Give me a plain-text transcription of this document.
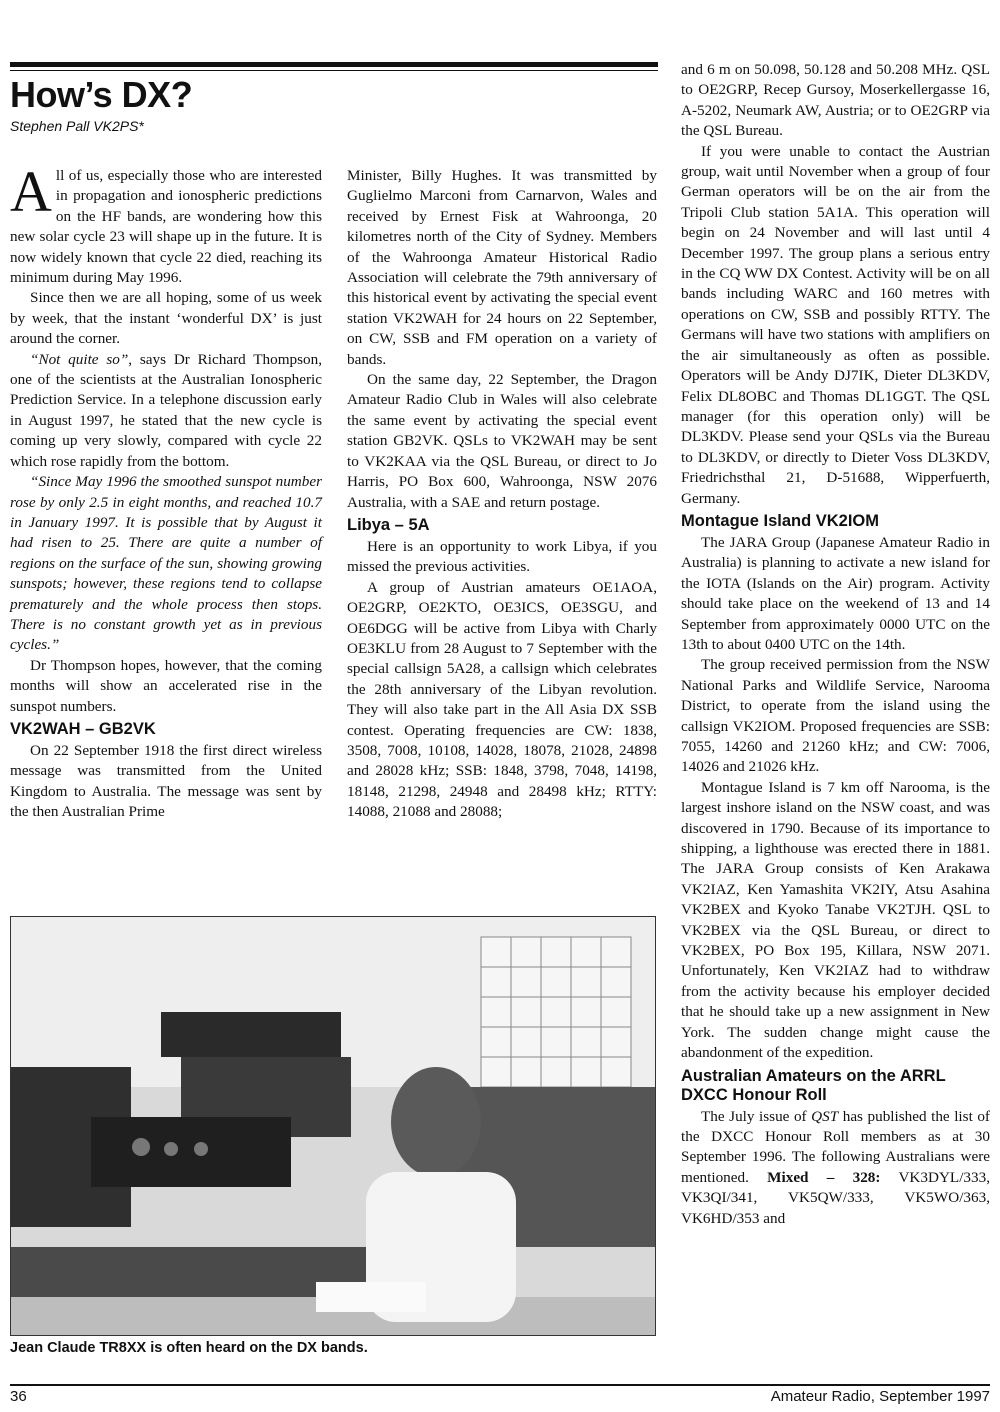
How’s DX?
Stephen Pall VK2PS*

All of us, especially those who are interested in propagation and ionospheric predictions on the HF bands, are wondering how this new solar cycle 23 will shape up in the future. It is now widely known that cycle 22 died, reaching its minimum during May 1996.

Since then we are all hoping, some of us week by week, that the instant ‘wonderful DX’ is just around the corner.

“Not quite so”, says Dr Richard Thompson, one of the scientists at the Australian Ionospheric Prediction Service. In a telephone discussion early in August 1997, he stated that the new cycle is coming up very slowly, compared with cycle 22 which rose rapidly from the bottom.

“Since May 1996 the smoothed sunspot number rose by only 2.5 in eight months, and reached 10.7 in January 1997. It is possible that by August it had risen to 25. There are quite a number of regions on the surface of the sun, showing growing sunspots; however, these regions tend to collapse prematurely and the whole process then stops. There is no constant growth yet as in previous cycles.”

Dr Thompson hopes, however, that the coming months will show an accelerated rise in the sunspot numbers.

VK2WAH – GB2VK

On 22 September 1918 the first direct wireless message was transmitted from the United Kingdom to Australia. The message was sent by the then Australian Prime

Minister, Billy Hughes. It was transmitted by Guglielmo Marconi from Carnarvon, Wales and received by Ernest Fisk at Wahroonga, 20 kilometres north of the City of Sydney. Members of the Wahroonga Amateur Historical Radio Association will celebrate the 79th anniversary of this historical event by activating the special event station VK2WAH for 24 hours on 22 September, on CW, SSB and FM operation on a variety of bands.

On the same day, 22 September, the Dragon Amateur Radio Club in Wales will also celebrate the same event by activating the special event station GB2VK. QSLs to VK2WAH may be sent to VK2KAA via the QSL Bureau, or direct to Jo Harris, PO Box 600, Wahroonga, NSW 2076 Australia, with a SAE and return postage.

Libya – 5A

Here is an opportunity to work Libya, if you missed the previous activities.

A group of Austrian amateurs OE1AOA, OE2GRP, OE2KTO, OE3ICS, OE3SGU, and OE6DGG will be active from Libya with Charly OE3KLU from 28 August to 7 September with the special callsign 5A28, a callsign which celebrates the 28th anniversary of the Libyan revolution. They will also take part in the All Asia DX SSB contest. Operating frequencies are CW: 1838, 3508, 7008, 10108, 14028, 18078, 21028, 24898 and 28028 kHz; SSB: 1848, 3798, 7048, 14198, 18148, 21298, 24948 and 28498 kHz; RTTY: 14088, 21088 and 28088;

and 6 m on 50.098, 50.128 and 50.208 MHz. QSL to OE2GRP, Recep Gursoy, Moserkellergasse 16, A-5202, Neumark AW, Austria; or to OE2GRP via the QSL Bureau.

If you were unable to contact the Austrian group, wait until November when a group of four German operators will be on the air from the Tripoli Club station 5A1A. This operation will begin on 24 November and will last until 4 December 1997. The group plans a serious entry in the CQ WW DX Contest. Activity will be on all bands including WARC and 160 metres with operations on CW, SSB and possibly RTTY. The Germans will have two stations with amplifiers on the air simultaneously as often as possible. Operators will be Andy DJ7IK, Dieter DL3KDV, Felix DL8OBC and Thomas DL1GGT. The QSL manager (for this operation only) will be DL3KDV. Please send your QSLs via the Bureau to DL3KDV, or directly to Dieter Voss DL3KDV, Friedrichsthal 21, D-51688, Wipperfuerth, Germany.

Montague Island VK2IOM

The JARA Group (Japanese Amateur Radio in Australia) is planning to activate a new island for the IOTA (Islands on the Air) program. Activity should take place on the weekend of 13 and 14 September from approximately 0000 UTC on the 13th to about 0400 UTC on the 14th.

The group received permission from the NSW National Parks and Wildlife Service, Narooma District, to operate from the island using the callsign VK2IOM. Proposed frequencies are SSB: 7055, 14260 and 21260 kHz; and CW: 7006, 14026 and 21026 kHz.

Montague Island is 7 km off Narooma, is the largest inshore island on the NSW coast, and was discovered in 1790. Because of its importance to shipping, a lighthouse was erected there in 1881. The JARA Group consists of Ken Arakawa VK2IAZ, Ken Yamashita VK2IY, Atsu Asahina VK2BEX and Kyoko Tanabe VK2TJH. QSL to VK2BEX via the QSL Bureau, or direct to VK2BEX, PO Box 195, Killara, NSW 2071. Unfortunately, Ken VK2IAZ had to withdraw from the activity because his employer decided that he should take up a new assignment in New York. The sudden change might cause the abandonment of the expedition.

Australian Amateurs on the ARRL DXCC Honour Roll

The July issue of QST has published the list of the DXCC Honour Roll members as at 30 September 1996. The following Australians were mentioned. Mixed – 328: VK3DYL/333, VK3QI/341, VK5QW/333, VK5WO/363, VK6HD/353 and

Jean Claude TR8XX is often heard on the DX bands.
36	Amateur Radio, September 1997
